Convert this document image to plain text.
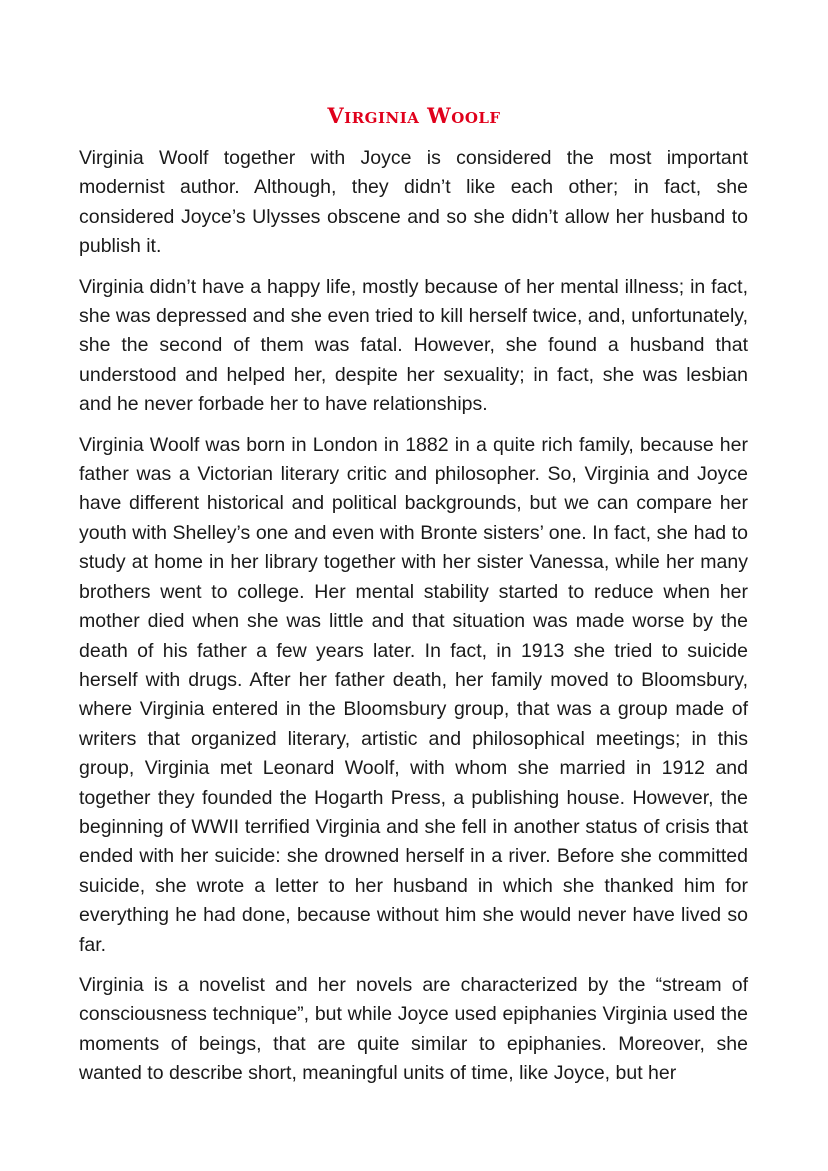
Virginia Woolf

Virginia Woolf together with Joyce is considered the most important modernist author. Although, they didn’t like each other; in fact, she considered Joyce’s Ulysses obscene and so she didn’t allow her husband to publish it.

Virginia didn’t have a happy life, mostly because of her mental illness; in fact, she was depressed and she even tried to kill herself twice, and, unfortunately, she the second of them was fatal. However, she found a husband that understood and helped her, despite her sexuality; in fact, she was lesbian and he never forbade her to have relationships.

Virginia Woolf was born in London in 1882 in a quite rich family, because her father was a Victorian literary critic and philosopher. So, Virginia and Joyce have different historical and political backgrounds, but we can compare her youth with Shelley’s one and even with Bronte sisters’ one. In fact, she had to study at home in her library together with her sister Vanessa, while her many brothers went to college. Her mental stability started to reduce when her mother died when she was little and that situation was made worse by the death of his father a few years later. In fact, in 1913 she tried to suicide herself with drugs. After her father death, her family moved to Bloomsbury, where Virginia entered in the Bloomsbury group, that was a group made of writers that organized literary, artistic and philosophical meetings; in this group, Virginia met Leonard Woolf, with whom she married in 1912 and together they founded the Hogarth Press, a publishing house. However, the beginning of WWII terrified Virginia and she fell in another status of crisis that ended with her suicide: she drowned herself in a river. Before she committed suicide, she wrote a letter to her husband in which she thanked him for everything he had done, because without him she would never have lived so far.

Virginia is a novelist and her novels are characterized by the “stream of consciousness technique”, but while Joyce used epiphanies Virginia used the moments of beings, that are quite similar to epiphanies. Moreover, she wanted to describe short, meaningful units of time, like Joyce, but her
